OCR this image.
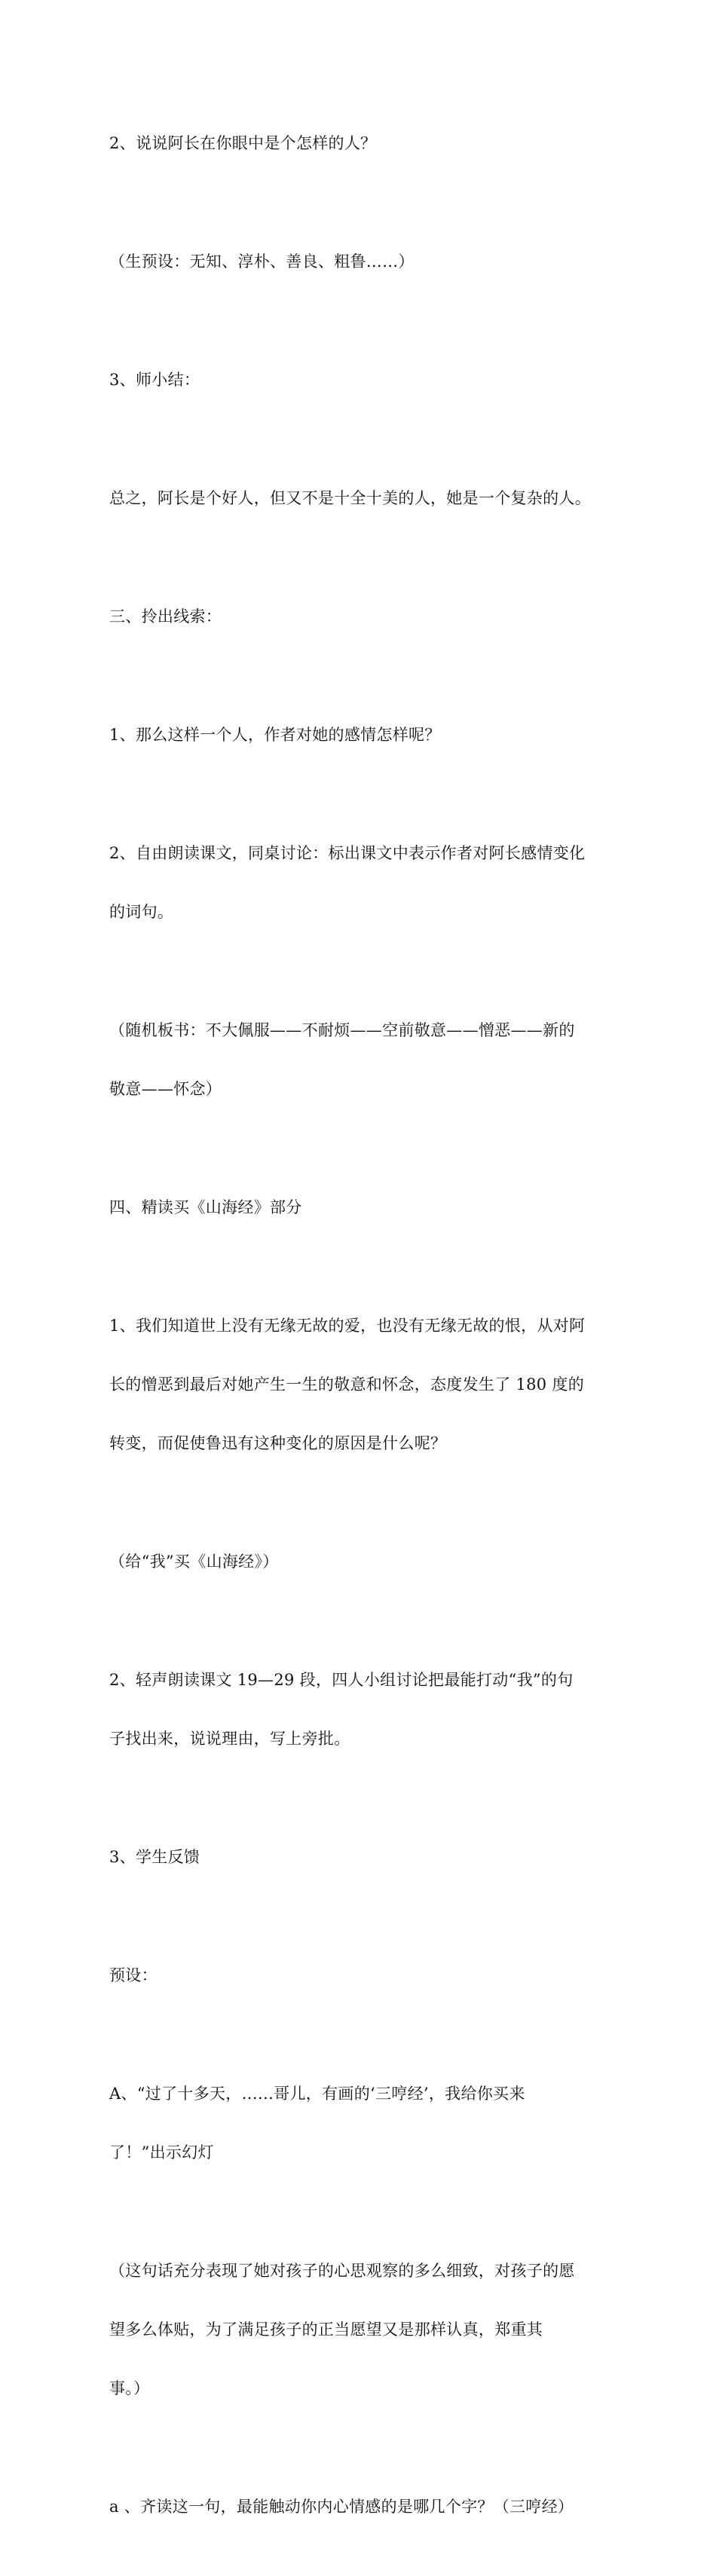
2、说说阿长在你眼中是个怎样的人？

（生预设：无知、淳朴、善良、粗鲁……）

3、师小结：

总之，阿长是个好人，但又不是十全十美的人，她是一个复杂的人。

三、拎出线索：

1、那么这样一个人，作者对她的感情怎样呢？

2、自由朗读课文，同桌讨论：标出课文中表示作者对阿长感情变化

的词句。

（随机板书：不大佩服——不耐烦——空前敬意——憎恶——新的

敬意——怀念）

四、精读买《山海经》部分

1、我们知道世上没有无缘无故的爱，也没有无缘无故的恨，从对阿

长的憎恶到最后对她产生一生的敬意和怀念，态度发生了 180 度的

转变，而促使鲁迅有这种变化的原因是什么呢？

（给“我”买《山海经》）

2、轻声朗读课文 19—29 段，四人小组讨论把最能打动“我”的句

子找出来，说说理由，写上旁批。

3、学生反馈

预设：

A、“过了十多天，……哥儿，有画的‘三哼经’，我给你买来

了！”出示幻灯

（这句话充分表现了她对孩子的心思观察的多么细致，对孩子的愿

望多么体贴，为了满足孩子的正当愿望又是那样认真，郑重其

事。）

a 、齐读这一句，最能触动你内心情感的是哪几个字？（三哼经）
